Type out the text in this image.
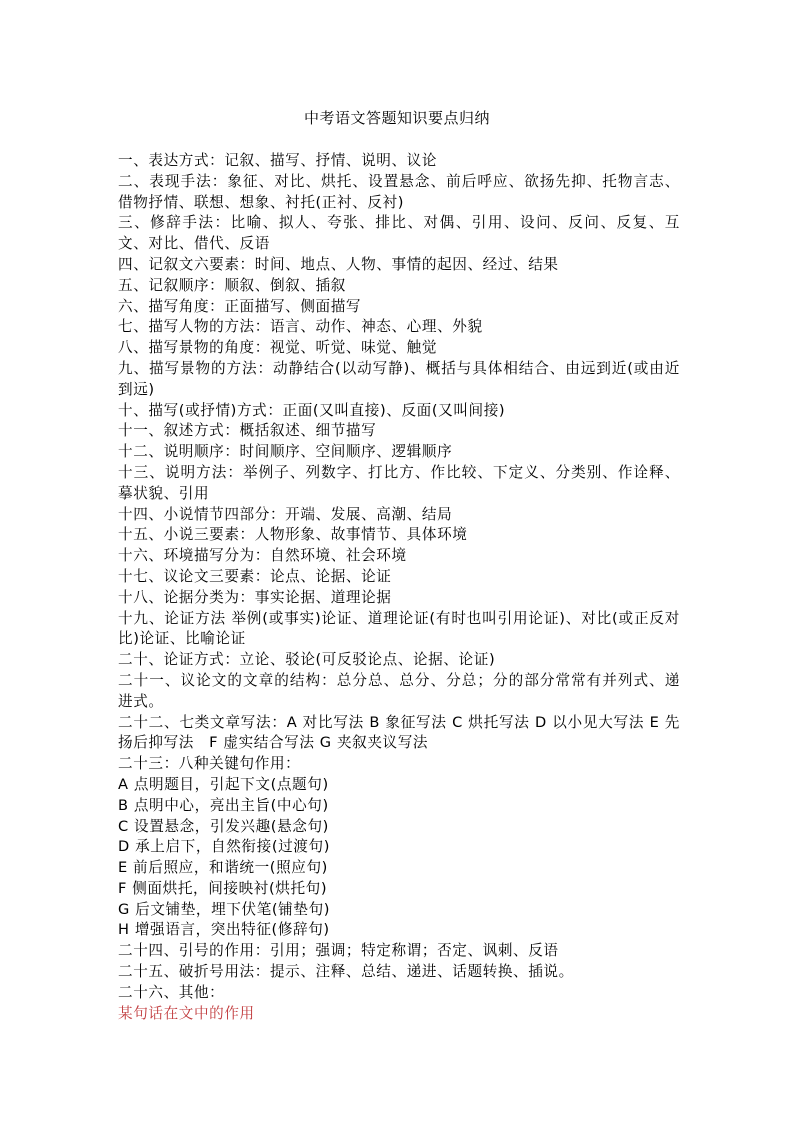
中考语文答题知识要点归纳

一、表达方式：记叙、描写、抒情、说明、议论

二、表现手法：象征、对比、烘托、设置悬念、前后呼应、欲扬先抑、托物言志、借物抒情、联想、想象、衬托(正衬、反衬)

三、修辞手法：比喻、拟人、夸张、排比、对偶、引用、设问、反问、反复、互文、对比、借代、反语

四、记叙文六要素：时间、地点、人物、事情的起因、经过、结果

五、记叙顺序：顺叙、倒叙、插叙

六、描写角度：正面描写、侧面描写

七、描写人物的方法：语言、动作、神态、心理、外貌

八、描写景物的角度：视觉、听觉、味觉、触觉

九、描写景物的方法：动静结合(以动写静)、概括与具体相结合、由远到近(或由近到远)

十、描写(或抒情)方式：正面(又叫直接)、反面(又叫间接)

十一、叙述方式：概括叙述、细节描写

十二、说明顺序：时间顺序、空间顺序、逻辑顺序

十三、说明方法：举例子、列数字、打比方、作比较、下定义、分类别、作诠释、摹状貌、引用

十四、小说情节四部分：开端、发展、高潮、结局

十五、小说三要素：人物形象、故事情节、具体环境

十六、环境描写分为：自然环境、社会环境

十七、议论文三要素：论点、论据、论证

十八、论据分类为：事实论据、道理论据

十九、论证方法 举例(或事实)论证、道理论证(有时也叫引用论证)、对比(或正反对比)论证、比喻论证

二十、论证方式：立论、驳论(可反驳论点、论据、论证)

二十一、议论文的文章的结构：总分总、总分、分总；分的部分常常有并列式、递进式。

二十二、七类文章写法：A 对比写法 B 象征写法 C 烘托写法 D 以小见大写法 E 先扬后抑写法　F 虚实结合写法 G 夹叙夹议写法

二十三：八种关键句作用：

A 点明题目，引起下文(点题句)

B 点明中心，亮出主旨(中心句)

C 设置悬念，引发兴趣(悬念句)

D 承上启下，自然衔接(过渡句)

E 前后照应，和谐统一(照应句)

F 侧面烘托，间接映衬(烘托句)

G 后文铺垫，埋下伏笔(铺垫句)

H 增强语言，突出特征(修辞句)

二十四、引号的作用：引用；强调；特定称谓；否定、讽刺、反语

二十五、破折号用法：提示、注释、总结、递进、话题转换、插说。

二十六、其他：

某句话在文中的作用
